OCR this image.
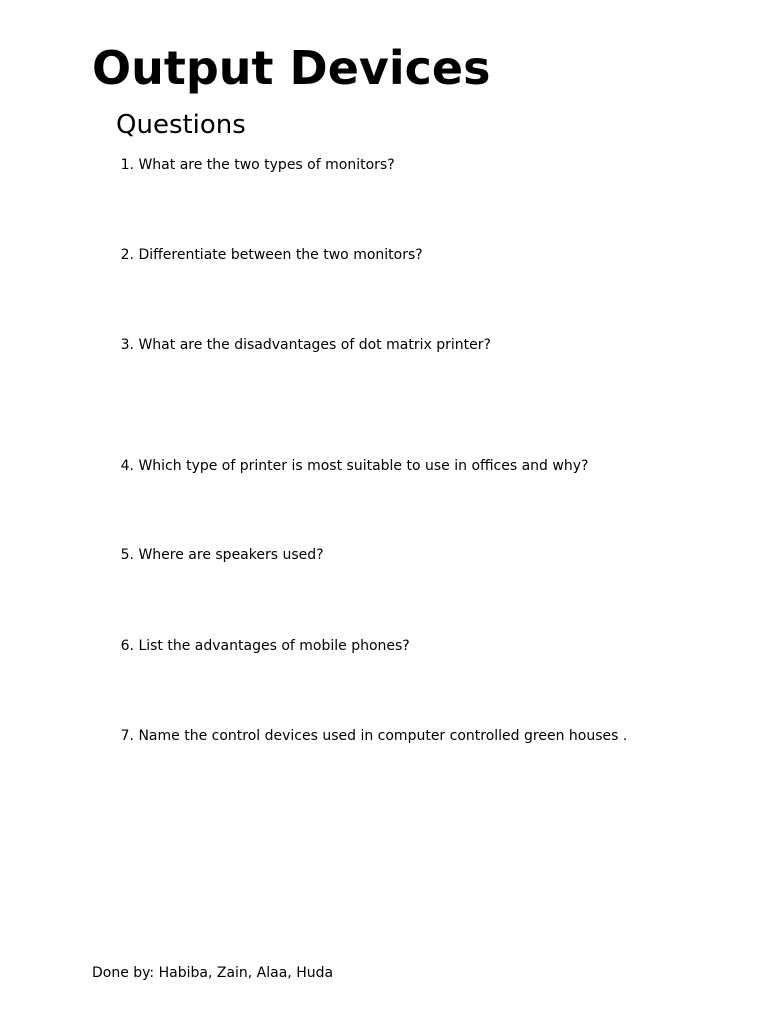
Output Devices
Questions
1. What are the two types of monitors?
2. Differentiate between the two monitors?
3. What are the disadvantages of dot matrix printer?
4. Which type of printer is most suitable to use in offices and why?
5. Where are speakers used?
6. List the advantages of mobile phones?
7. Name the control devices used in computer controlled green houses .
Done by: Habiba, Zain, Alaa, Huda
